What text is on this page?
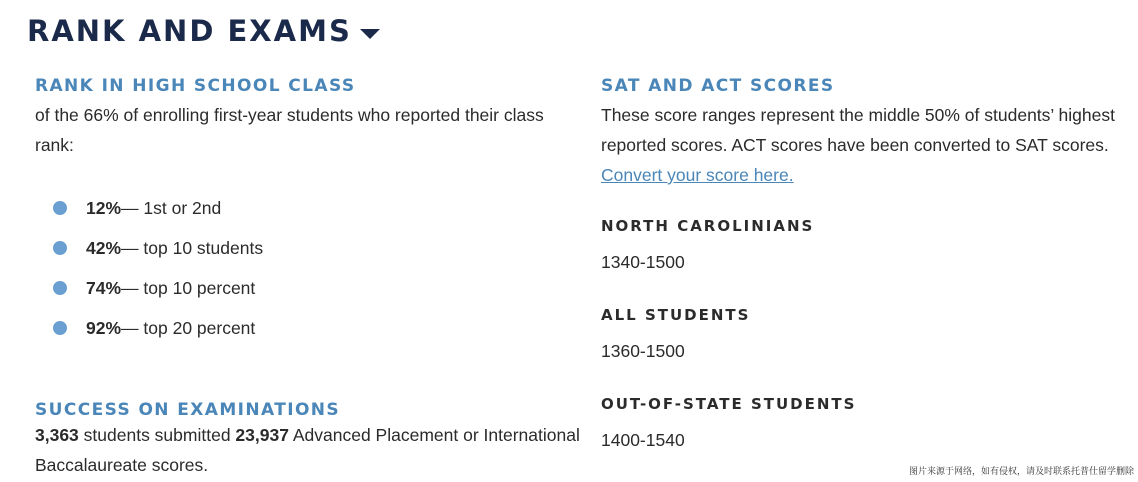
RANK AND EXAMS
RANK IN HIGH SCHOOL CLASS

of the 66% of enrolling first-year students who reported their class rank:

12% — 1st or 2nd
42% — top 10 students
74% — top 10 percent
92% — top 20 percent
SUCCESS ON EXAMINATIONS

3,363 students submitted 23,937 Advanced Placement or International Baccalaureate scores.

SAT AND ACT SCORES

These score ranges represent the middle 50% of students’ highest reported scores. ACT scores have been converted to SAT scores. Convert your score here.

NORTH CAROLINIANS
1340-1500
ALL STUDENTS
1360-1500
OUT-OF-STATE STUDENTS
1400-1540
图片来源于网络，如有侵权，请及时联系托普仕留学删除
